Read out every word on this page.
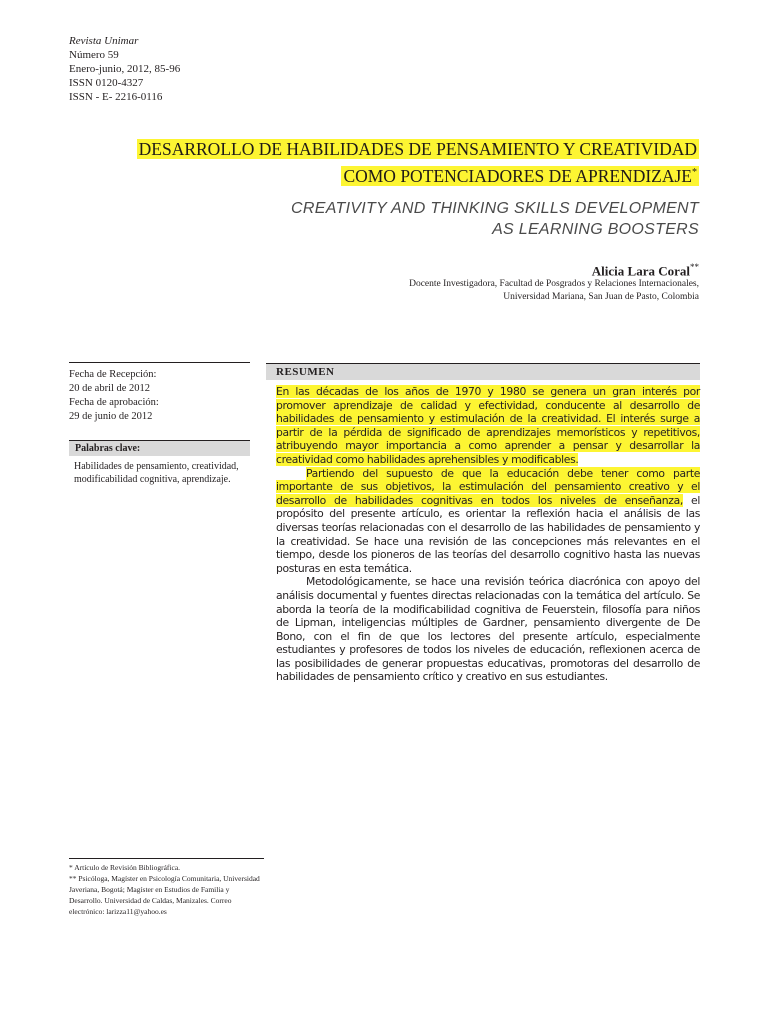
Revista Unimar
Número 59
Enero-junio, 2012, 85-96
ISSN 0120-4327
ISSN - E- 2216-0116
DESARROLLO DE HABILIDADES DE PENSAMIENTO Y CREATIVIDAD
COMO POTENCIADORES DE APRENDIZAJE*
CREATIVITY AND THINKING SKILLS DEVELOPMENT
AS LEARNING BOOSTERS
Alicia Lara Coral**
Docente Investigadora, Facultad de Posgrados y Relaciones Internacionales,
Universidad Mariana, San Juan de Pasto, Colombia
Fecha de Recepción:
20 de abril de 2012
Fecha de aprobación:
29 de junio de 2012
Palabras clave:
Habilidades de pensamiento, creatividad, modificabilidad cognitiva, aprendizaje.
RESUMEN

En las décadas de los años de 1970 y 1980 se genera un gran interés por promover aprendizaje de calidad y efectividad, conducente al desarrollo de habilidades de pensamiento y estimulación de la creatividad. El interés surge a partir de la pérdida de significado de aprendizajes memorísticos y repetitivos, atribuyendo mayor importancia a como aprender a pensar y desarrollar la creatividad como habilidades aprehensibles y modificables.

Partiendo del supuesto de que la educación debe tener como parte importante de sus objetivos, la estimulación del pensamiento creativo y el desarrollo de habilidades cognitivas en todos los niveles de enseñanza, el propósito del presente artículo, es orientar la reflexión hacia el análisis de las diversas teorías relacionadas con el desarrollo de las habilidades de pensamiento y la creatividad. Se hace una revisión de las concepciones más relevantes en el tiempo, desde los pioneros de las teorías del desarrollo cognitivo hasta las nuevas posturas en esta temática.

Metodológicamente, se hace una revisión teórica diacrónica con apoyo del análisis documental y fuentes directas relacionadas con la temática del artículo. Se aborda la teoría de la modificabilidad cognitiva de Feuerstein, filosofía para niños de Lipman, inteligencias múltiples de Gardner, pensamiento divergente de De Bono, con el fin de que los lectores del presente artículo, especialmente estudiantes y profesores de todos los niveles de educación, reflexionen acerca de las posibilidades de generar propuestas educativas, promotoras del desarrollo de habilidades de pensamiento crítico y creativo en sus estudiantes.

* Artículo de Revisión Bibliográfica.

** Psicóloga, Magíster en Psicología Comunitaria, Universidad Javeriana, Bogotá; Magíster en Estudios de Familia y Desarrollo. Universidad de Caldas, Manizales. Correo electrónico: larizza11@yahoo.es
